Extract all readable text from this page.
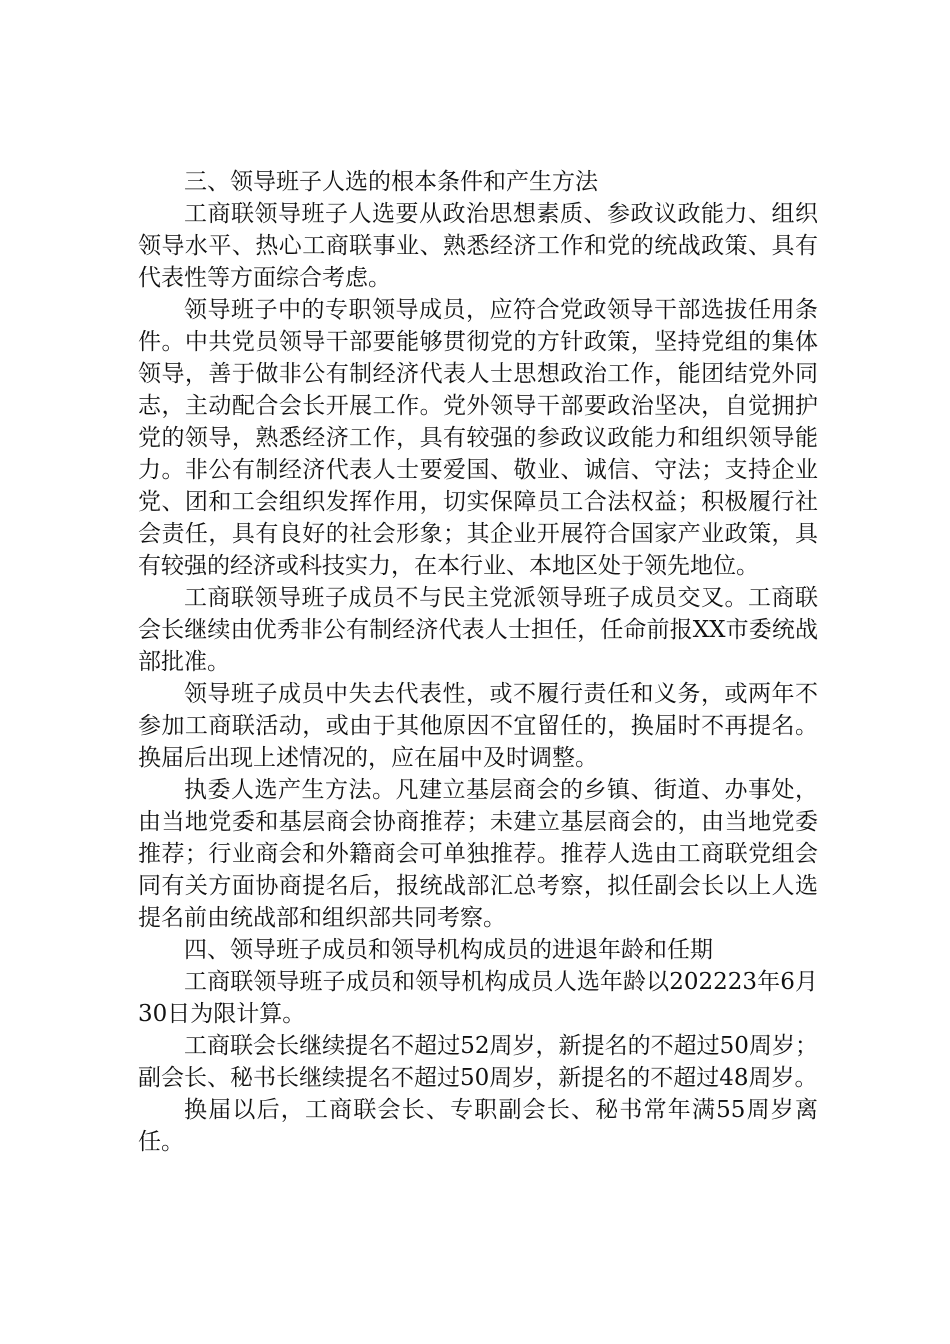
三、领导班子人选的根本条件和产生方法

工商联领导班子人选要从政治思想素质、参政议政能力、组织领导水平、热心工商联事业、熟悉经济工作和党的统战政策、具有代表性等方面综合考虑。

领导班子中的专职领导成员，应符合党政领导干部选拔任用条件。中共党员领导干部要能够贯彻党的方针政策，坚持党组的集体领导，善于做非公有制经济代表人士思想政治工作，能团结党外同志，主动配合会长开展工作。党外领导干部要政治坚决，自觉拥护党的领导，熟悉经济工作，具有较强的参政议政能力和组织领导能力。非公有制经济代表人士要爱国、敬业、诚信、守法；支持企业党、团和工会组织发挥作用，切实保障员工合法权益；积极履行社会责任，具有良好的社会形象；其企业开展符合国家产业政策，具有较强的经济或科技实力，在本行业、本地区处于领先地位。

工商联领导班子成员不与民主党派领导班子成员交叉。工商联会长继续由优秀非公有制经济代表人士担任，任命前报XX市委统战部批准。

领导班子成员中失去代表性，或不履行责任和义务，或两年不参加工商联活动，或由于其他原因不宜留任的，换届时不再提名。换届后出现上述情况的，应在届中及时调整。

执委人选产生方法。凡建立基层商会的乡镇、街道、办事处，由当地党委和基层商会协商推荐；未建立基层商会的，由当地党委推荐；行业商会和外籍商会可单独推荐。推荐人选由工商联党组会同有关方面协商提名后，报统战部汇总考察，拟任副会长以上人选提名前由统战部和组织部共同考察。

四、领导班子成员和领导机构成员的进退年龄和任期

工商联领导班子成员和领导机构成员人选年龄以202223年6月30日为限计算。

工商联会长继续提名不超过52周岁，新提名的不超过50周岁；副会长、秘书长继续提名不超过50周岁，新提名的不超过48周岁。

换届以后，工商联会长、专职副会长、秘书常年满55周岁离任。
